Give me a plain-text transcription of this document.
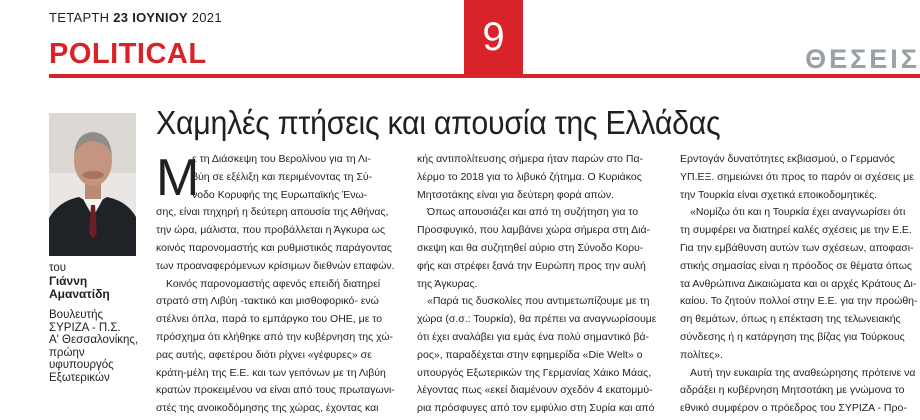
ΤΕΤΑΡΤΗ 23 ΙΟΥΝΙΟΥ 2021
POLITICAL	9	ΘΕΣΕΙΣ
του
Γιάννη
Αμανατίδη
Βουλευτής
ΣΥΡΙΖΑ - Π.Σ.
Α' Θεσσαλονίκης,
πρώην υφυπουργός
Εξωτερικών
Χαμηλές πτήσεις και απουσία της Ελλάδας
Μ
ε τη Διάσκεψη του Βερολίνου για τη Λι-
βύη σε εξέλιξη και περιμένοντας τη Σύ-
νοδο Κορυφής της Ευρωπαϊκής Ένω-
σης, είναι πηχηρή η δεύτερη απουσία της Αθήνας,
την ώρα, μάλιστα, που προβάλλεται η Άγκυρα ως
κοινός παρονομαστής και ρυθμιστικός παράγοντας
των προαναφερόμενων κρίσιμων διεθνών επαφών.
Κοινός παρονομαστής αφενός επειδή διατηρεί
στρατό στη Λιβύη -τακτικό και μισθοφορικό- ενώ
στέλνει όπλα, παρά το εμπάργκο του ΟΗΕ, με το
πρόσχημα ότι κλήθηκε από την κυβέρνηση της χώ-
ρας αυτής, αφετέρου διότι ρίχνει «γέφυρες» σε
κράτη-μέλη της Ε.Ε. και των γειτόνων με τη Λιβύη
κρατών προκειμένου να είναι από τους πρωταγωνι-
στές της ανοικοδόμησης της χώρας, έχοντας και
κής αντιπολίτευσης σήμερα ήταν παρών στο Πα-
λέρμο το 2018 για το λιβυκό ζήτημα. Ο Κυριάκος
Μητσοτάκης είναι για δεύτερη φορά απών.
Όπως απουσιάζει και από τη συζήτηση για το
Προσφυγικό, που λαμβάνει χώρα σήμερα στη Διά-
σκεψη και θα συζητηθεί αύριο στη Σύνοδο Κορυ-
φής και στρέφει ξανά την Ευρώπη προς την αυλή
της Άγκυρας.
«Παρά τις δυσκολίες που αντιμετωπίζουμε με τη
χώρα (σ.σ.: Τουρκία), θα πρέπει να αναγνωρίσουμε
ότι έχει αναλάβει για εμάς ένα πολύ σημαντικό βά-
ρος», παραδέχεται στην εφημερίδα «Die Welt» ο
υπουργός Εξωτερικών της Γερμανίας Χάικο Μάας,
λέγοντας πως «εκεί διαμένουν σχεδόν 4 εκατομμύ-
ρια πρόσφυγες από τον εμφύλιο στη Συρία και από
Ερντογάν δυνατότητες εκβιασμού, ο Γερμανός
ΥΠ.ΕΞ. σημειώνει ότι προς το παρόν οι σχέσεις με
την Τουρκία είναι σχετικά εποικοδομητικές.
«Νομίζω ότι και η Τουρκία έχει αναγνωρίσει ότι
τη συμφέρει να διατηρεί καλές σχέσεις με την Ε.Ε.
Για την εμβάθυνση αυτών των σχέσεων, αποφασι-
στικής σημασίας είναι η πρόοδος σε θέματα όπως
τα Ανθρώπινα Δικαιώματα και οι αρχές Κράτους Δι-
καίου. Το ζητούν πολλοί στην Ε.Ε. για την προώθη-
ση θεμάτων, όπως η επέκταση της τελωνειακής
σύνδεσης ή η κατάργηση της βίζας για Τούρκους
πολίτες».
Αυτή την ευκαιρία της αναθεώρησης πρότεινε να
αδράξει η κυβέρνηση Μητσοτάκη με γνώμονα το
εθνικό συμφέρον ο πρόεδρος του ΣΥΡΙΖΑ - Προ-
